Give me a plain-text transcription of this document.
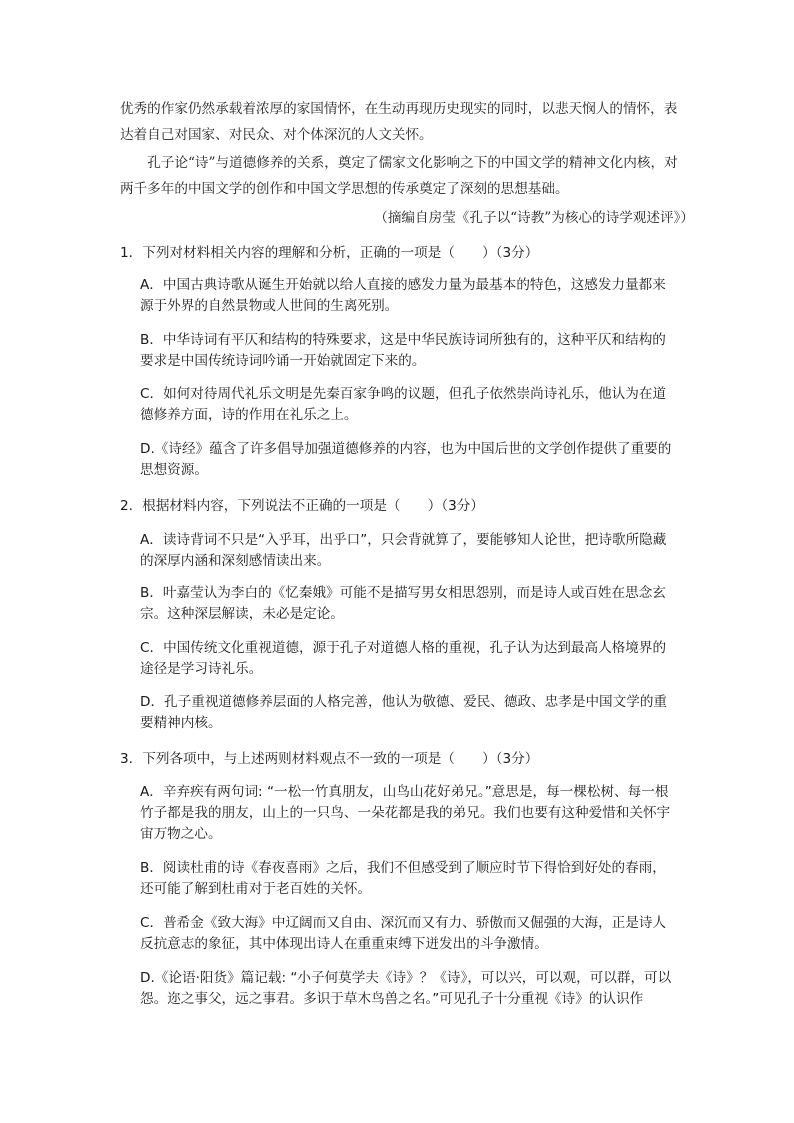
优秀的作家仍然承载着浓厚的家国情怀，在生动再现历史现实的同时，以悲天悯人的情怀，表达着自己对国家、对民众、对个体深沉的人文关怀。

孔子论“诗”与道德修养的关系，奠定了儒家文化影响之下的中国文学的精神文化内核，对两千多年的中国文学的创作和中国文学思想的传承奠定了深刻的思想基础。

（摘编自房莹《孔子以“诗教”为核心的诗学观述评》）

1．下列对材料相关内容的理解和分析，正确的一项是（　　）（3分）

A．中国古典诗歌从诞生开始就以给人直接的感发力量为最基本的特色，这感发力量都来源于外界的自然景物或人世间的生离死别。

B．中华诗词有平仄和结构的特殊要求，这是中华民族诗词所独有的，这种平仄和结构的要求是中国传统诗词吟诵一开始就固定下来的。

C．如何对待周代礼乐文明是先秦百家争鸣的议题，但孔子依然崇尚诗礼乐，他认为在道德修养方面，诗的作用在礼乐之上。

D.《诗经》蕴含了许多倡导加强道德修养的内容，也为中国后世的文学创作提供了重要的思想资源。

2．根据材料内容，下列说法不正确的一项是（　　）（3分）

A．读诗背词不只是“入乎耳，出乎口”，只会背就算了，要能够知人论世，把诗歌所隐藏的深厚内涵和深刻感情读出来。

B．叶嘉莹认为李白的《忆秦娥》可能不是描写男女相思怨别，而是诗人或百姓在思念玄宗。这种深层解读，未必是定论。

C．中国传统文化重视道德，源于孔子对道德人格的重视，孔子认为达到最高人格境界的途径是学习诗礼乐。

D．孔子重视道德修养层面的人格完善，他认为敬德、爱民、德政、忠孝是中国文学的重要精神内核。

3．下列各项中，与上述两则材料观点不一致的一项是（　　）（3分）

A．辛弃疾有两句词: “一松一竹真朋友，山鸟山花好弟兄。”意思是，每一棵松树、每一根竹子都是我的朋友，山上的一只鸟、一朵花都是我的弟兄。我们也要有这种爱惜和关怀宇宙万物之心。

B．阅读杜甫的诗《春夜喜雨》之后，我们不但感受到了顺应时节下得恰到好处的春雨，还可能了解到杜甫对于老百姓的关怀。

C．普希金《致大海》中辽阔而又自由、深沉而又有力、骄傲而又倔强的大海，正是诗人反抗意志的象征，其中体现出诗人在重重束缚下迸发出的斗争激情。

D.《论语·阳货》篇记载: “小子何莫学夫《诗》？《诗》，可以兴，可以观，可以群，可以怨。迩之事父，远之事君。多识于草木鸟兽之名。”可见孔子十分重视《诗》的认识作
